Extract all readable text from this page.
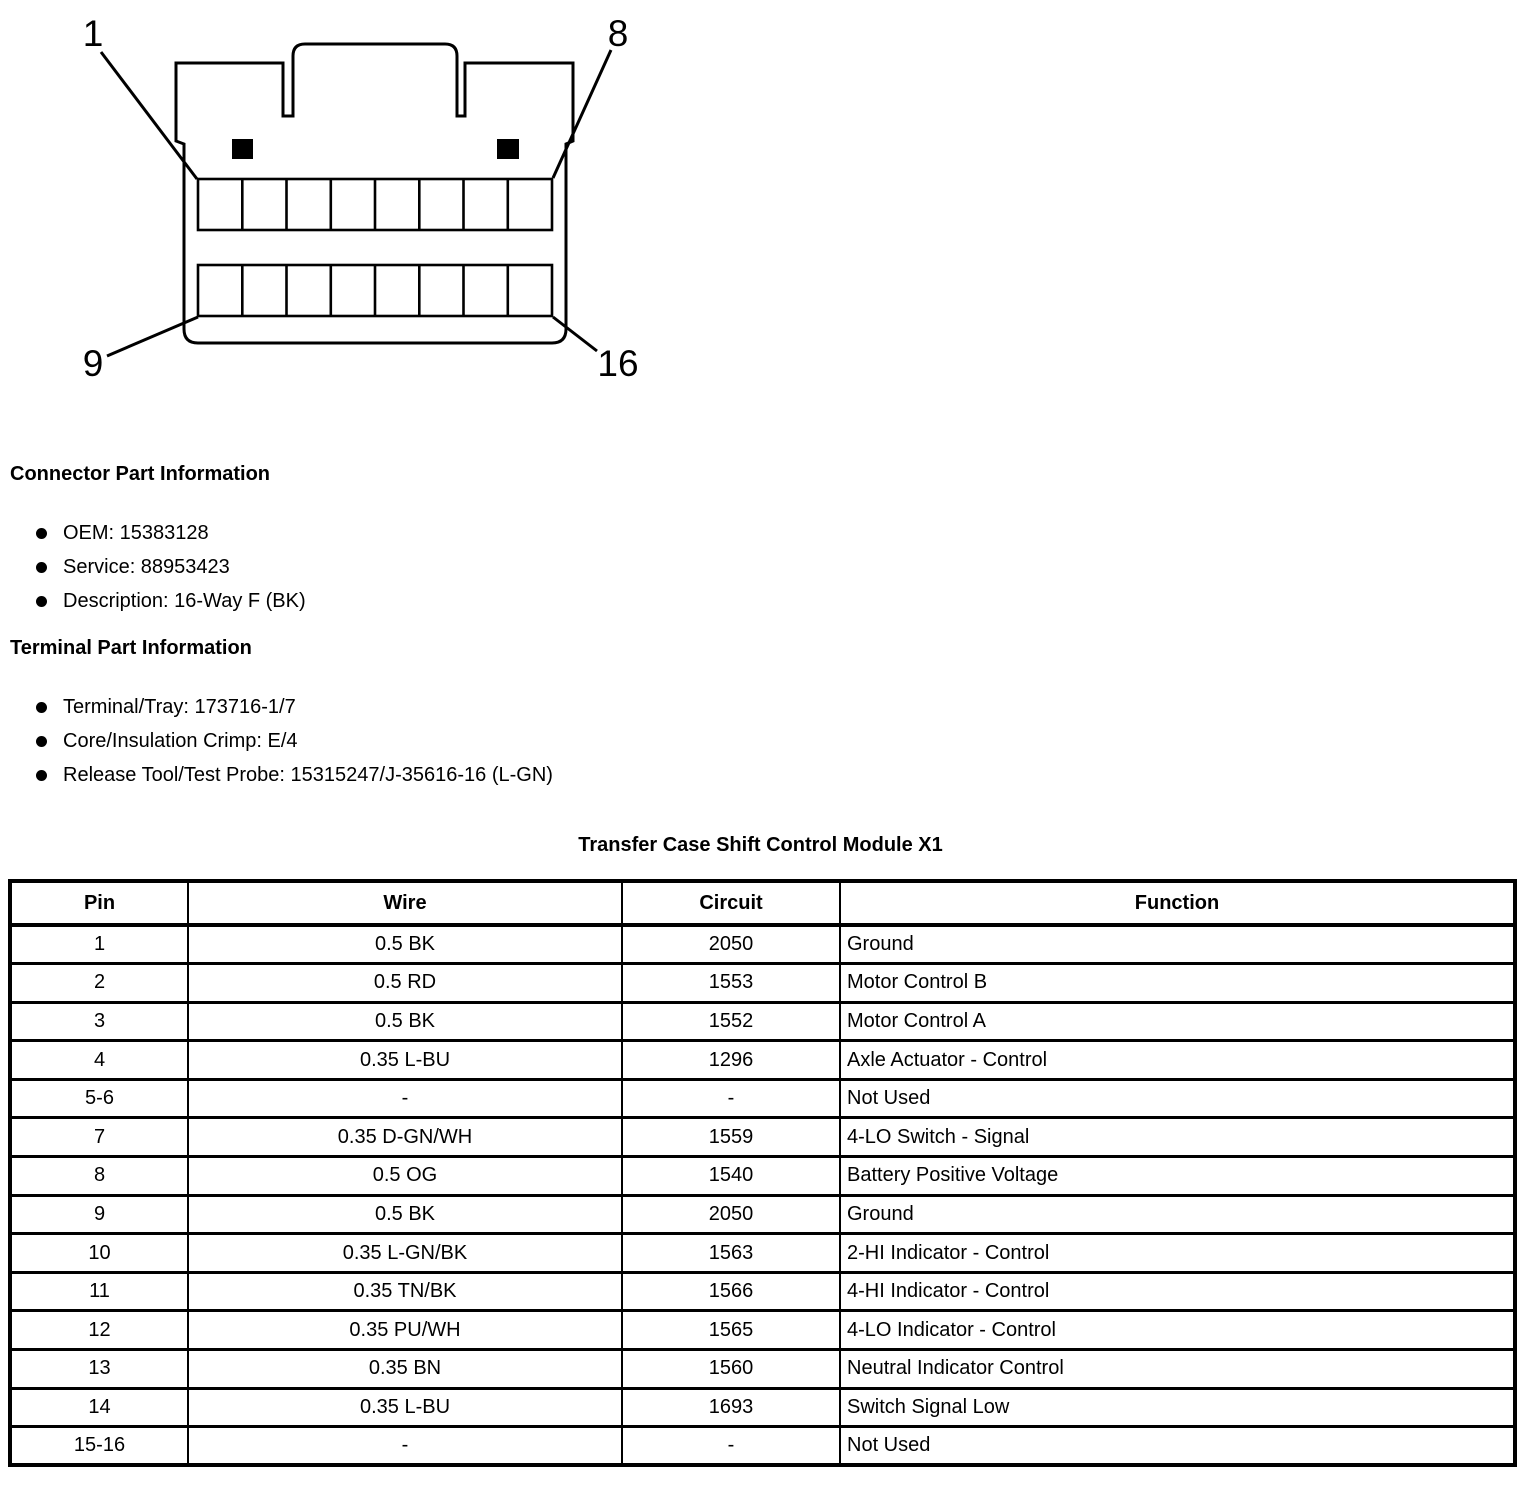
1	8
9	16
Connector Part Information
OEM: 15383128
Service: 88953423
Description: 16-Way F (BK)
Terminal Part Information
Terminal/Tray: 173716-1/7
Core/Insulation Crimp: E/4
Release Tool/Test Probe: 15315247/J-35616-16 (L-GN)
Transfer Case Shift Control Module X1
Pin	Wire	Circuit	Function
1	0.5 BK	2050	Ground
2	0.5 RD	1553	Motor Control B
3	0.5 BK	1552	Motor Control A
4	0.35 L-BU	1296	Axle Actuator - Control
5-6	-	-	Not Used
7	0.35 D-GN/WH	1559	4-LO Switch - Signal
8	0.5 OG	1540	Battery Positive Voltage
9	0.5 BK	2050	Ground
10	0.35 L-GN/BK	1563	2-HI Indicator - Control
11	0.35 TN/BK	1566	4-HI Indicator - Control
12	0.35 PU/WH	1565	4-LO Indicator - Control
13	0.35 BN	1560	Neutral Indicator Control
14	0.35 L-BU	1693	Switch Signal Low
15-16	-	-	Not Used
